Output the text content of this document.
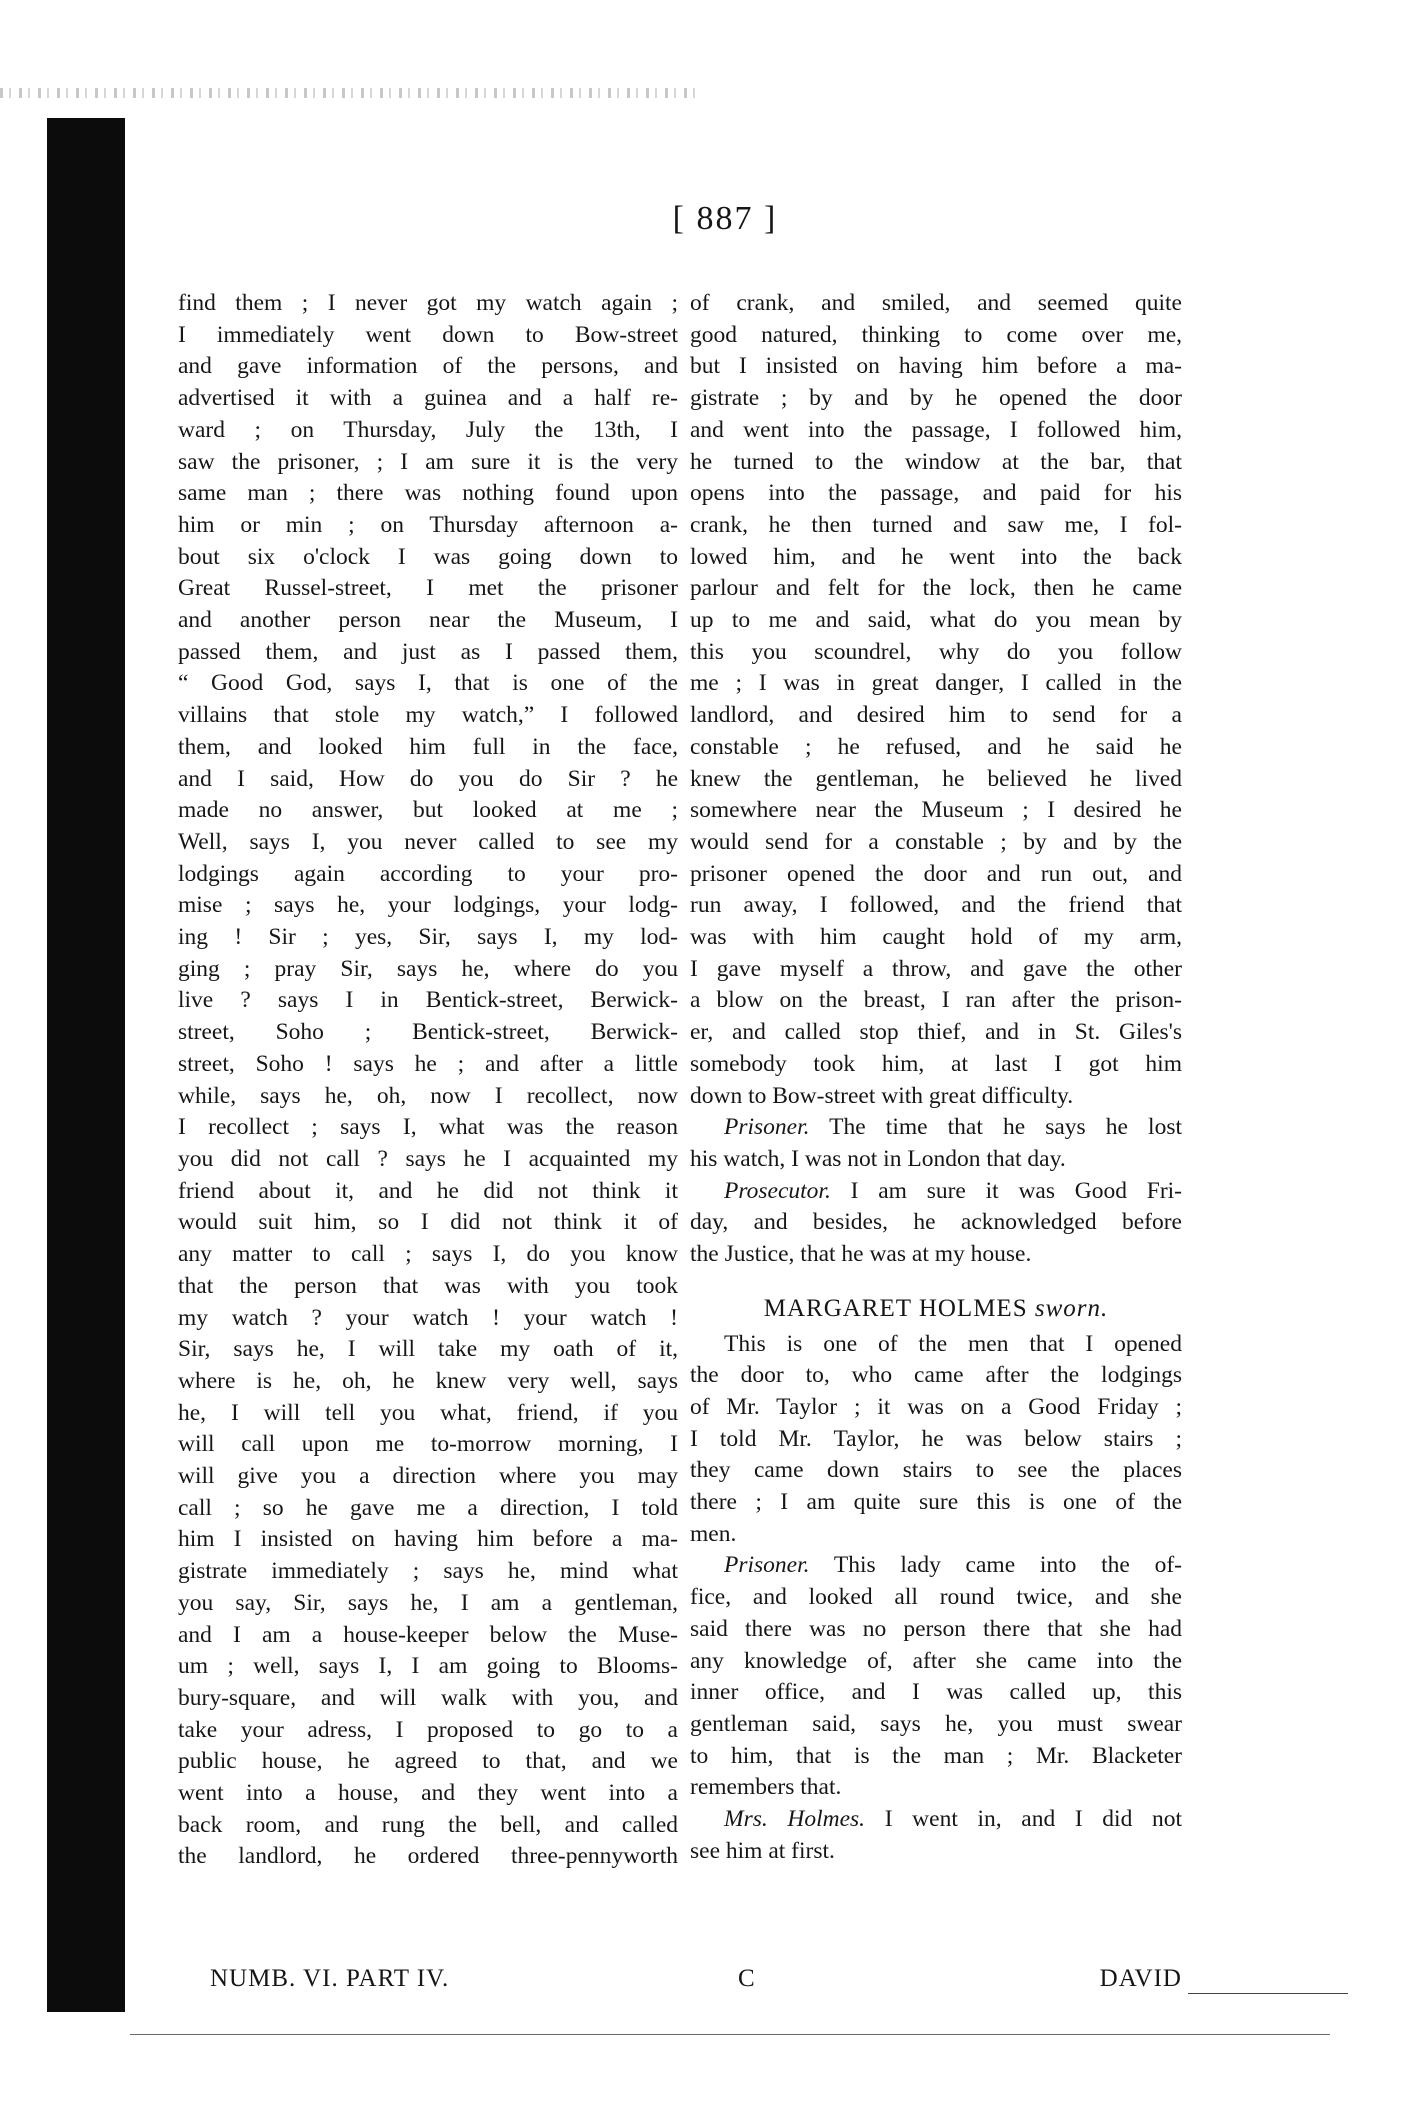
[ 887 ]
find them ; I never got my watch again ;
I immediately went down to Bow-street
and gave information of the persons, and
advertised it with a guinea and a half re-
ward ; on Thursday, July the 13th, I
saw the prisoner, ; I am sure it is the very
same man ; there was nothing found upon
him or min ; on Thursday afternoon a-
bout six o'clock I was going down to
Great Russel-street, I met the prisoner
and another person near the Museum, I
passed them, and just as I passed them,
“ Good God, says I, that is one of the
villains that stole my watch,” I followed
them, and looked him full in the face,
and I said, How do you do Sir ? he
made no answer, but looked at me ;
Well, says I, you never called to see my
lodgings again according to your pro-
mise ; says he, your lodgings, your lodg-
ing ! Sir ; yes, Sir, says I, my lod-
ging ; pray Sir, says he, where do you
live ? says I in Bentick-street, Berwick-
street, Soho ; Bentick-street, Berwick-
street, Soho ! says he ; and after a little
while, says he, oh, now I recollect, now
I recollect ; says I, what was the reason
you did not call ? says he I acquainted my
friend about it, and he did not think it
would suit him, so I did not think it of
any matter to call ; says I, do you know
that the person that was with you took
my watch ? your watch ! your watch !
Sir, says he, I will take my oath of it,
where is he, oh, he knew very well, says
he, I will tell you what, friend, if you
will call upon me to-morrow morning, I
will give you a direction where you may
call ; so he gave me a direction, I told
him I insisted on having him before a ma-
gistrate immediately ; says he, mind what
you say, Sir, says he, I am a gentleman,
and I am a house-keeper below the Muse-
um ; well, says I, I am going to Blooms-
bury-square, and will walk with you, and
take your adress, I proposed to go to a
public house, he agreed to that, and we
went into a house, and they went into a
back room, and rung the bell, and called
the landlord, he ordered three-pennyworth
of crank, and smiled, and seemed quite
good natured, thinking to come over me,
but I insisted on having him before a ma-
gistrate ; by and by he opened the door
and went into the passage, I followed him,
he turned to the window at the bar, that
opens into the passage, and paid for his
crank, he then turned and saw me, I fol-
lowed him, and he went into the back
parlour and felt for the lock, then he came
up to me and said, what do you mean by
this you scoundrel, why do you follow
me ; I was in great danger, I called in the
landlord, and desired him to send for a
constable ; he refused, and he said he
knew the gentleman, he believed he lived
somewhere near the Museum ; I desired he
would send for a constable ; by and by the
prisoner opened the door and run out, and
run away, I followed, and the friend that
was with him caught hold of my arm,
I gave myself a throw, and gave the other
a blow on the breast, I ran after the prison-
er, and called stop thief, and in St. Giles's
somebody took him, at last I got him
down to Bow-street with great difficulty.
Prisoner. The time that he says he lost
his watch, I was not in London that day.
Prosecutor. I am sure it was Good Fri-
day, and besides, he acknowledged before
the Justice, that he was at my house.
MARGARET HOLMES sworn.
This is one of the men that I opened
the door to, who came after the lodgings
of Mr. Taylor ; it was on a Good Friday ;
I told Mr. Taylor, he was below stairs ;
they came down stairs to see the places
there ; I am quite sure this is one of the
men.
Prisoner. This lady came into the of-
fice, and looked all round twice, and she
said there was no person there that she had
any knowledge of, after she came into the
inner office, and I was called up, this
gentleman said, says he, you must swear
to him, that is the man ; Mr. Blacketer
remembers that.
Mrs. Holmes. I went in, and I did not
see him at first.
NUMB. VI. PART IV.	C	DAVID
